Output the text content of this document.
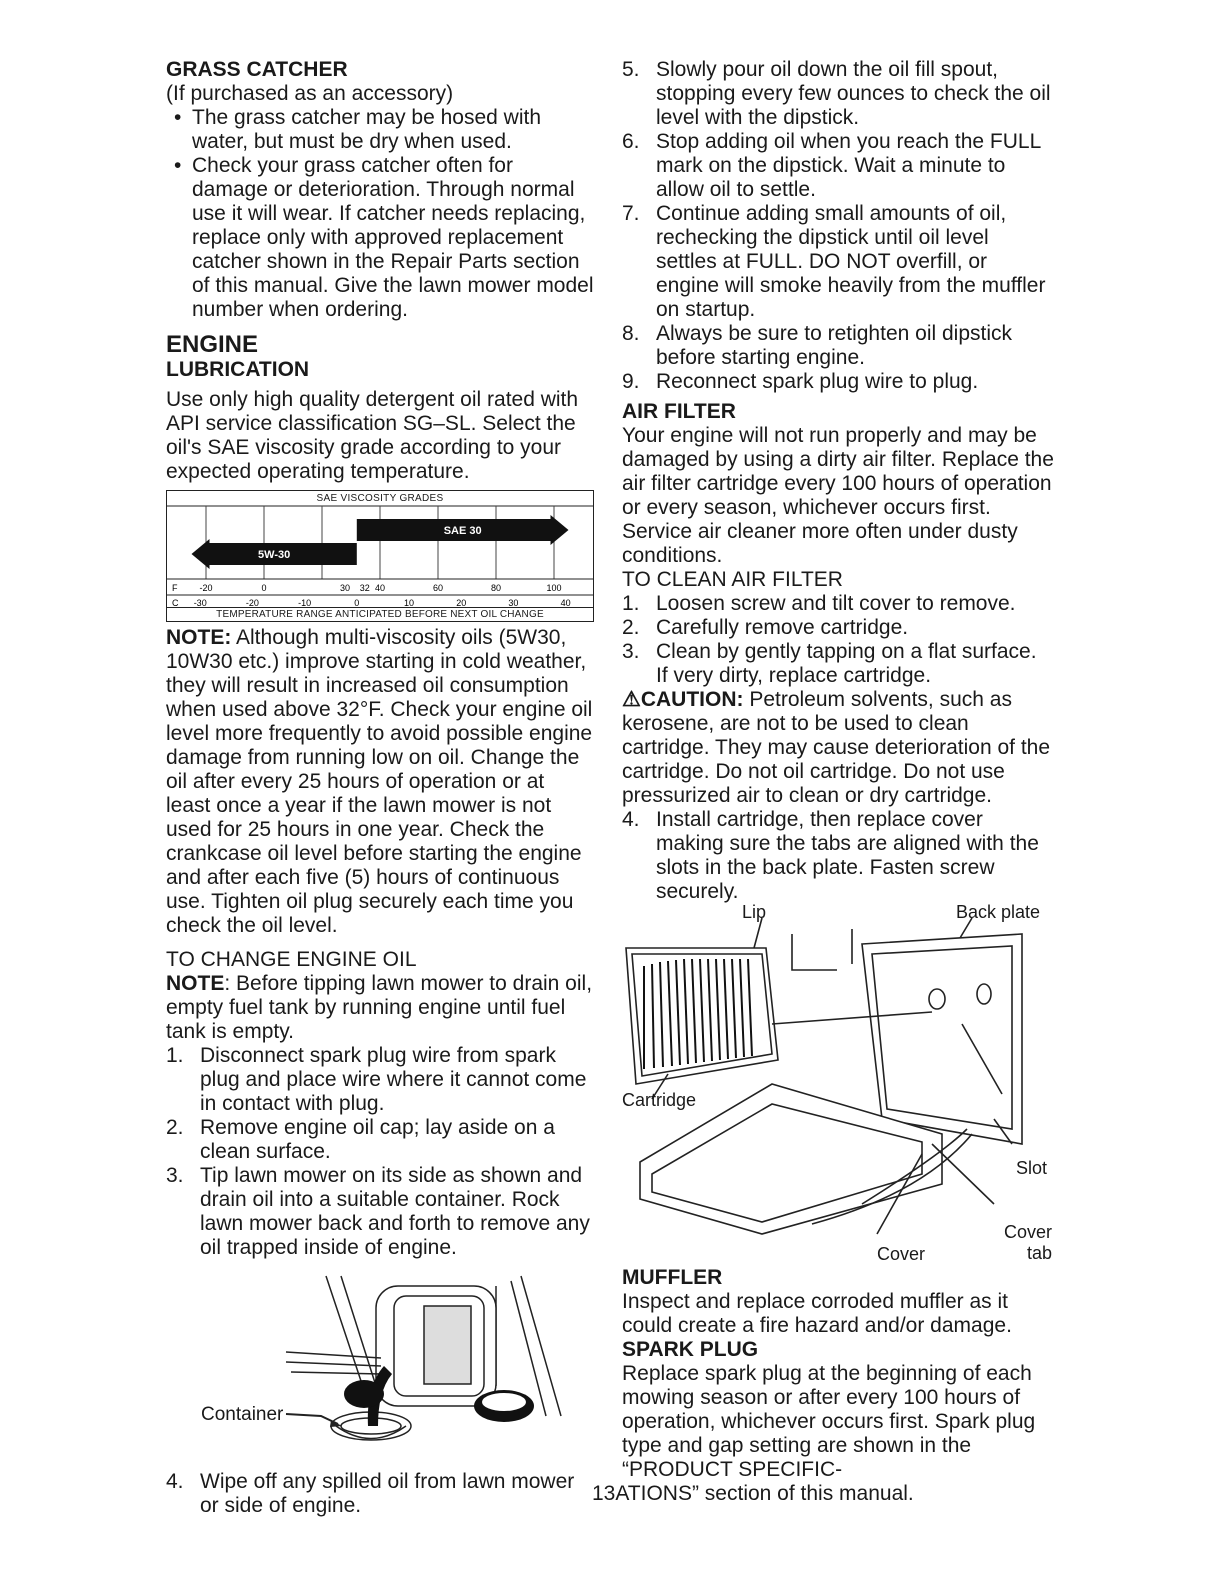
GRASS CATCHER

(If purchased as an accessory)

• The grass catcher may be hosed with water, but must be dry when used.
• Check your grass catcher often for damage or deterioration. Through normal use it will wear. If catcher needs replacing, replace only with approved replacement catcher shown in the Repair Parts section of this manual. Give the lawn mower model number when ordering.
ENGINE
LUBRICATION

Use only high quality detergent oil rated with API service classification SG–SL. Select the oil's SAE viscosity grade according to your expected operating temperature.

SAE VISCOSITY GRADES
5W-30
SAE 30
F
C
-20	0	30 32 40	60	80	100
-30	-20	-10	0	10	20	30	40
TEMPERATURE RANGE ANTICIPATED BEFORE NEXT OIL CHANGE

NOTE: Although multi-viscosity oils (5W30, 10W30 etc.) improve starting in cold weather, they will result in increased oil consumption when used above 32°F. Check your engine oil level more frequently to avoid possible engine damage from running low on oil. Change the oil after every 25 hours of operation or at least once a year if the lawn mower is not used for 25 hours in one year. Check the crankcase oil level before starting the engine and after each five (5) hours of continuous use. Tighten oil plug securely each time you check the oil level.

TO CHANGE ENGINE OIL

NOTE: Before tipping lawn mower to drain oil, empty fuel tank by running engine until fuel tank is empty.

1. Disconnect spark plug wire from spark plug and place wire where it cannot come in contact with plug.
2. Remove engine oil cap; lay aside on a clean surface.
3. Tip lawn mower on its side as shown and drain oil into a suitable container. Rock lawn mower back and forth to remove any oil trapped inside of engine.
Container
4. Wipe off any spilled oil from lawn mower or side of engine.
5. Slowly pour oil down the oil fill spout, stopping every few ounces to check the oil level with the dipstick.
6. Stop adding oil when you reach the FULL mark on the dipstick. Wait a minute to allow oil to settle.
7. Continue adding small amounts of oil, rechecking the dipstick until oil level settles at FULL. DO NOT overfill, or engine will smoke heavily from the muffler on startup.
8. Always be sure to retighten oil dipstick before starting engine.
9. Reconnect spark plug wire to plug.
AIR FILTER

Your engine will not run properly and may be damaged by using a dirty air filter. Replace the air filter cartridge every 100 hours of operation or every season, whichever occurs first. Service air cleaner more often under dusty conditions.

TO CLEAN AIR FILTER

1. Loosen screw and tilt cover to remove.
2. Carefully remove cartridge.
3. Clean by gently tapping on a flat surface. If very dirty, replace cartridge.

⚠CAUTION: Petroleum solvents, such as kerosene, are not to be used to clean cartridge. They may cause deterioration of the cartridge. Do not oil cartridge. Do not use pressurized air to clean or dry cartridge.

4. Install cartridge, then replace cover making sure the tabs are aligned with the slots in the back plate. Fasten screw securely.
Lip	Back plate
Cartridge
Slot
Cover
Cover tab
MUFFLER

Inspect and replace corroded muffler as it could create a fire hazard and/or damage.

SPARK PLUG

Replace spark plug at the beginning of each mowing season or after every 100 hours of operation, whichever occurs first. Spark plug type and gap setting are shown in the “PRODUCT SPECIFIC-

13ATIONS” section of this manual.
